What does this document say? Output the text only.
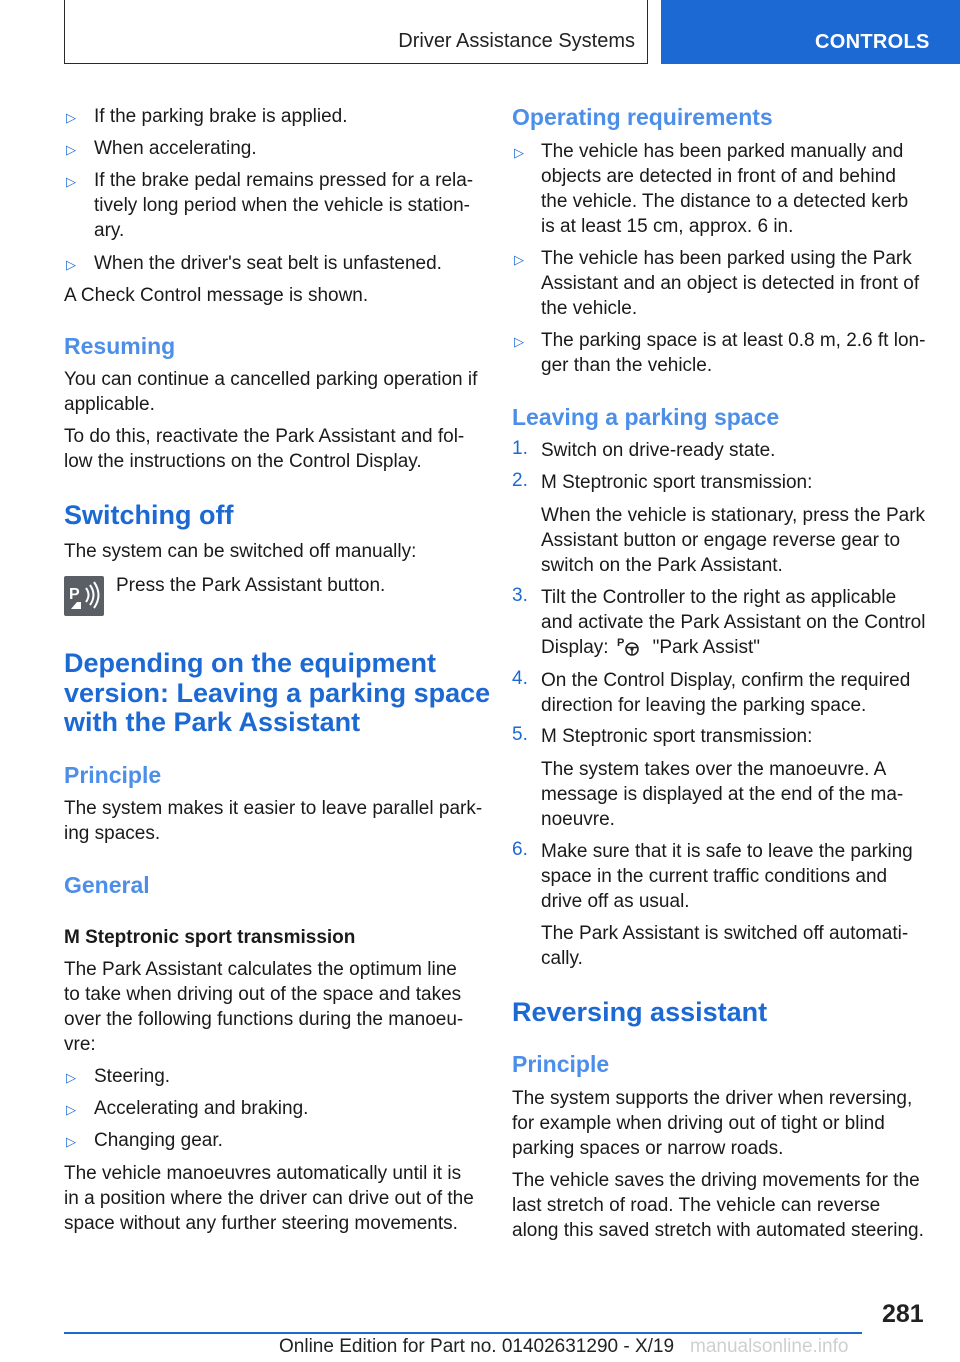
Driver Assistance Systems	CONTROLS
▷ If the parking brake is applied.
▷ When accelerating.
▷ If the brake pedal remains pressed for a rela-
tively long period when the vehicle is station-
ary.
▷ When the driver's seat belt is unfastened.
A Check Control message is shown.
Resuming
You can continue a cancelled parking operation if
applicable.
To do this, reactivate the Park Assistant and fol-
low the instructions on the Control Display.
Switching off
The system can be switched off manually:
Press the Park Assistant button.
Depending on the equipment
version: Leaving a parking space
with the Park Assistant
Principle
The system makes it easier to leave parallel park-
ing spaces.
General
M Steptronic sport transmission
The Park Assistant calculates the optimum line
to take when driving out of the space and takes
over the following functions during the manoeu-
vre:
▷ Steering.
▷ Accelerating and braking.
▷ Changing gear.
The vehicle manoeuvres automatically until it is
in a position where the driver can drive out of the
space without any further steering movements.
P
Operating requirements
▷ The vehicle has been parked manually and
objects are detected in front of and behind
the vehicle. The distance to a detected kerb
is at least 15 cm, approx. 6 in.
▷ The vehicle has been parked using the Park
Assistant and an object is detected in front of
the vehicle.
▷ The parking space is at least 0.8 m, 2.6 ft lon-
ger than the vehicle.
Leaving a parking space
1. Switch on drive-ready state.
2. M Steptronic sport transmission:
When the vehicle is stationary, press the Park
Assistant button or engage reverse gear to
switch on the Park Assistant.
3. Tilt the Controller to the right as applicable
and activate the Park Assistant on the Control
Display: P "Park Assist"
4. On the Control Display, confirm the required
direction for leaving the parking space.
5. M Steptronic sport transmission:
The system takes over the manoeuvre. A
message is displayed at the end of the ma-
noeuvre.
6. Make sure that it is safe to leave the parking
space in the current traffic conditions and
drive off as usual.
The Park Assistant is switched off automati-
cally.
Reversing assistant
Principle
The system supports the driver when reversing,
for example when driving out of tight or blind
parking spaces or narrow roads.
The vehicle saves the driving movements for the
last stretch of road. The vehicle can reverse
along this saved stretch with automated steering.
281
Online Edition for Part no. 01402631290 - X/19 manualsonline.info
